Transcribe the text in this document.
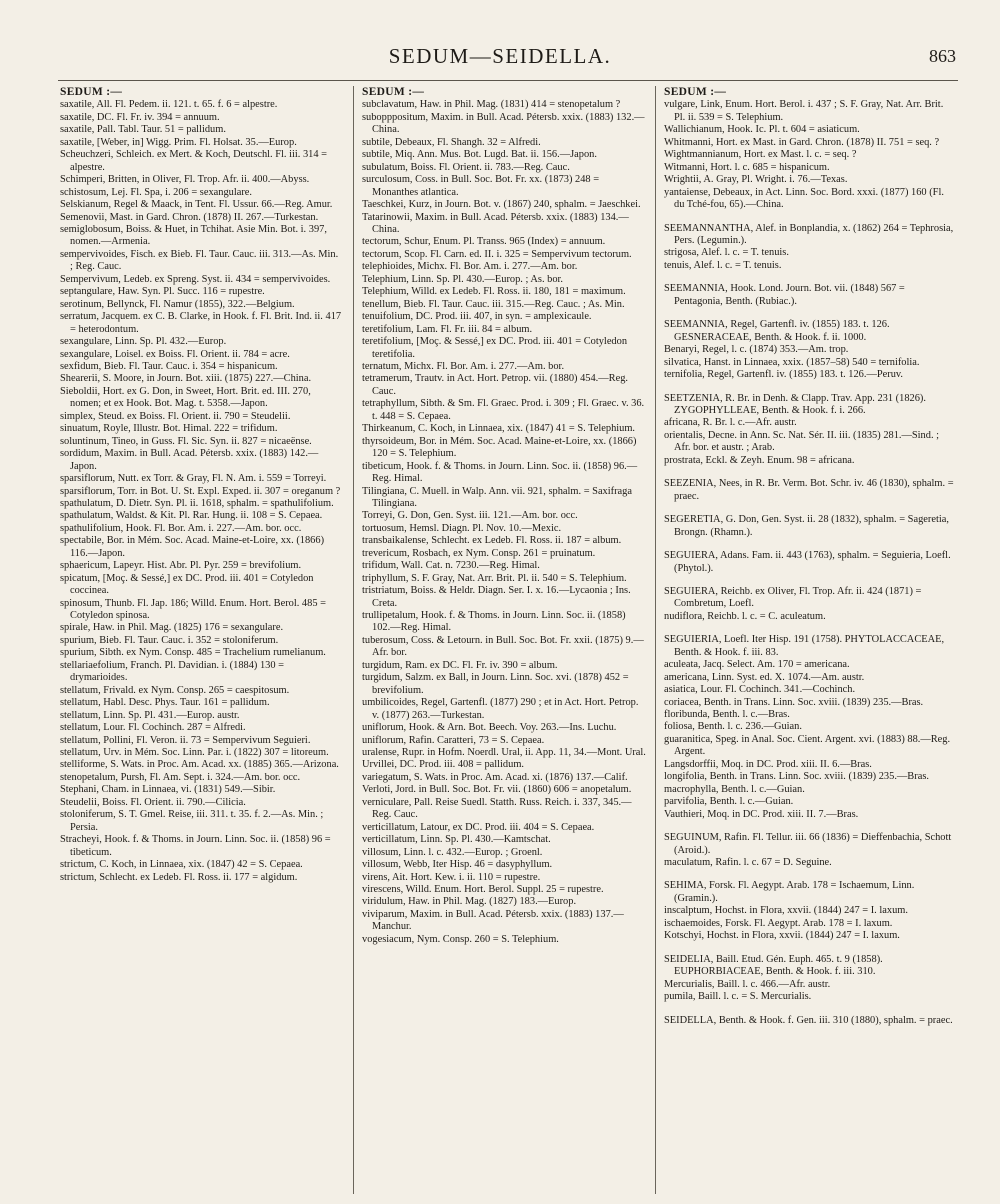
SEDUM—SEIDELLA.	863
SEDUM :—

saxatile, All. Fl. Pedem. ii. 121. t. 65. f. 6 = alpestre.

saxatile, DC. Fl. Fr. iv. 394 = annuum.

saxatile, Pall. Tabl. Taur. 51 = pallidum.

saxatile, [Weber, in] Wigg. Prim. Fl. Holsat. 35.—Europ.

Scheuchzeri, Schleich. ex Mert. & Koch, Deutschl. Fl. iii. 314 = alpestre.

Schimperi, Britten, in Oliver, Fl. Trop. Afr. ii. 400.—Abyss.

schistosum, Lej. Fl. Spa, i. 206 = sexangulare.

Selskianum, Regel & Maack, in Tent. Fl. Ussur. 66.—Reg. Amur.

Semenovii, Mast. in Gard. Chron. (1878) II. 267.—Turkestan.

semiglobosum, Boiss. & Huet, in Tchihat. Asie Min. Bot. i. 397, nomen.—Armenia.

sempervivoides, Fisch. ex Bieb. Fl. Taur. Cauc. iii. 313.—As. Min. ; Reg. Cauc.

Sempervivum, Ledeb. ex Spreng. Syst. ii. 434 = sempervivoides.

septangulare, Haw. Syn. Pl. Succ. 116 = rupestre.

serotinum, Bellynck, Fl. Namur (1855), 322.—Belgium.

serratum, Jacquem. ex C. B. Clarke, in Hook. f. Fl. Brit. Ind. ii. 417 = heterodontum.

sexangulare, Linn. Sp. Pl. 432.—Europ.

sexangulare, Loisel. ex Boiss. Fl. Orient. ii. 784 = acre.

sexfidum, Bieb. Fl. Taur. Cauc. i. 354 = hispanicum.

Shearerii, S. Moore, in Journ. Bot. xiii. (1875) 227.—China.

Sieboldii, Hort. ex G. Don, in Sweet, Hort. Brit. ed. III. 270, nomen; et ex Hook. Bot. Mag. t. 5358.—Japon.

simplex, Steud. ex Boiss. Fl. Orient. ii. 790 = Steudelii.

sinuatum, Royle, Illustr. Bot. Himal. 222 = trifidum.

soluntinum, Tineo, in Guss. Fl. Sic. Syn. ii. 827 = nicaeënse.

sordidum, Maxim. in Bull. Acad. Pétersb. xxix. (1883) 142.—Japon.

sparsiflorum, Nutt. ex Torr. & Gray, Fl. N. Am. i. 559 = Torreyi.

sparsiflorum, Torr. in Bot. U. St. Expl. Exped. ii. 307 = oreganum ?

spathulatum, D. Dietr. Syn. Pl. ii. 1618, sphalm. = spathulifolium.

spathulatum, Waldst. & Kit. Pl. Rar. Hung. ii. 108 = S. Cepaea.

spathulifolium, Hook. Fl. Bor. Am. i. 227.—Am. bor. occ.

spectabile, Bor. in Mém. Soc. Acad. Maine-et-Loire, xx. (1866) 116.—Japon.

sphaericum, Lapeyr. Hist. Abr. Pl. Pyr. 259 = brevifolium.

spicatum, [Moç. & Sessé,] ex DC. Prod. iii. 401 = Cotyledon coccinea.

spinosum, Thunb. Fl. Jap. 186; Willd. Enum. Hort. Berol. 485 = Cotyledon spinosa.

spirale, Haw. in Phil. Mag. (1825) 176 = sexangulare.

spurium, Bieb. Fl. Taur. Cauc. i. 352 = stoloniferum.

spurium, Sibth. ex Nym. Consp. 485 = Trachelium rumelianum.

stellariaefolium, Franch. Pl. Davidian. i. (1884) 130 = drymarioides.

stellatum, Frivald. ex Nym. Consp. 265 = caespitosum.

stellatum, Habl. Desc. Phys. Taur. 161 = pallidum.

stellatum, Linn. Sp. Pl. 431.—Europ. austr.

stellatum, Lour. Fl. Cochinch. 287 = Alfredi.

stellatum, Pollini, Fl. Veron. ii. 73 = Sempervivum Seguieri.

stellatum, Urv. in Mém. Soc. Linn. Par. i. (1822) 307 = litoreum.

stelliforme, S. Wats. in Proc. Am. Acad. xx. (1885) 365.—Arizona.

stenopetalum, Pursh, Fl. Am. Sept. i. 324.—Am. bor. occ.

Stephani, Cham. in Linnaea, vi. (1831) 549.—Sibir.

Steudelii, Boiss. Fl. Orient. ii. 790.—Cilicia.

stoloniferum, S. T. Gmel. Reise, iii. 311. t. 35. f. 2.—As. Min. ; Persia.

Stracheyi, Hook. f. & Thoms. in Journ. Linn. Soc. ii. (1858) 96 = tibeticum.

strictum, C. Koch, in Linnaea, xix. (1847) 42 = S. Cepaea.

strictum, Schlecht. ex Ledeb. Fl. Ross. ii. 177 = algidum.

SEDUM :—

subclavatum, Haw. in Phil. Mag. (1831) 414 = stenopetalum ?

subopppositum, Maxim. in Bull. Acad. Pétersb. xxix. (1883) 132.—China.

subtile, Debeaux, Fl. Shangh. 32 = Alfredi.

subtile, Miq. Ann. Mus. Bot. Lugd. Bat. ii. 156.—Japon.

subulatum, Boiss. Fl. Orient. ii. 783.—Reg. Cauc.

surculosum, Coss. in Bull. Soc. Bot. Fr. xx. (1873) 248 = Monanthes atlantica.

Taeschkei, Kurz, in Journ. Bot. v. (1867) 240, sphalm. = Jaeschkei.

Tatarinowii, Maxim. in Bull. Acad. Pétersb. xxix. (1883) 134.—China.

tectorum, Schur, Enum. Pl. Transs. 965 (Index) = annuum.

tectorum, Scop. Fl. Carn. ed. II. i. 325 = Sempervivum tectorum.

telephioides, Michx. Fl. Bor. Am. i. 277.—Am. bor.

Telephium, Linn. Sp. Pl. 430.—Europ. ; As. bor.

Telephium, Willd. ex Ledeb. Fl. Ross. ii. 180, 181 = maximum.

tenellum, Bieb. Fl. Taur. Cauc. iii. 315.—Reg. Cauc. ; As. Min.

tenuifolium, DC. Prod. iii. 407, in syn. = amplexicaule.

teretifolium, Lam. Fl. Fr. iii. 84 = album.

teretifolium, [Moç. & Sessé,] ex DC. Prod. iii. 401 = Cotyledon teretifolia.

ternatum, Michx. Fl. Bor. Am. i. 277.—Am. bor.

tetramerum, Trautv. in Act. Hort. Petrop. vii. (1880) 454.—Reg. Cauc.

tetraphyllum, Sibth. & Sm. Fl. Graec. Prod. i. 309 ; Fl. Graec. v. 36. t. 448 = S. Cepaea.

Thirkeanum, C. Koch, in Linnaea, xix. (1847) 41 = S. Telephium.

thyrsoideum, Bor. in Mém. Soc. Acad. Maine-et-Loire, xx. (1866) 120 = S. Telephium.

tibeticum, Hook. f. & Thoms. in Journ. Linn. Soc. ii. (1858) 96.—Reg. Himal.

Tilingiana, C. Muell. in Walp. Ann. vii. 921, sphalm. = Saxifraga Tilingiana.

Torreyi, G. Don, Gen. Syst. iii. 121.—Am. bor. occ.

tortuosum, Hemsl. Diagn. Pl. Nov. 10.—Mexic.

transbaikalense, Schlecht. ex Ledeb. Fl. Ross. ii. 187 = album.

trevericum, Rosbach, ex Nym. Consp. 261 = pruinatum.

trifidum, Wall. Cat. n. 7230.—Reg. Himal.

triphyllum, S. F. Gray, Nat. Arr. Brit. Pl. ii. 540 = S. Telephium.

tristriatum, Boiss. & Heldr. Diagn. Ser. I. x. 16.—Lycaonia ; Ins. Creta.

trullipetalum, Hook. f. & Thoms. in Journ. Linn. Soc. ii. (1858) 102.—Reg. Himal.

tuberosum, Coss. & Letourn. in Bull. Soc. Bot. Fr. xxii. (1875) 9.—Afr. bor.

turgidum, Ram. ex DC. Fl. Fr. iv. 390 = album.

turgidum, Salzm. ex Ball, in Journ. Linn. Soc. xvi. (1878) 452 = brevifolium.

umbilicoides, Regel, Gartenfl. (1877) 290 ; et in Act. Hort. Petrop. v. (1877) 263.—Turkestan.

uniflorum, Hook. & Arn. Bot. Beech. Voy. 263.—Ins. Luchu.

uniflorum, Rafin. Caratteri, 73 = S. Cepaea.

uralense, Rupr. in Hofm. Noerdl. Ural, ii. App. 11, 34.—Mont. Ural.

Urvillei, DC. Prod. iii. 408 = pallidum.

variegatum, S. Wats. in Proc. Am. Acad. xi. (1876) 137.—Calif.

Verloti, Jord. in Bull. Soc. Bot. Fr. vii. (1860) 606 = anopetalum.

verniculare, Pall. Reise Suedl. Statth. Russ. Reich. i. 337, 345.—Reg. Cauc.

verticillatum, Latour, ex DC. Prod. iii. 404 = S. Cepaea.

verticillatum, Linn. Sp. Pl. 430.—Kamtschat.

villosum, Linn. l. c. 432.—Europ. ; Groenl.

villosum, Webb, Iter Hisp. 46 = dasyphyllum.

virens, Ait. Hort. Kew. i. ii. 110 = rupestre.

virescens, Willd. Enum. Hort. Berol. Suppl. 25 = rupestre.

viridulum, Haw. in Phil. Mag. (1827) 183.—Europ.

viviparum, Maxim. in Bull. Acad. Pétersb. xxix. (1883) 137.—Manchur.

vogesiacum, Nym. Consp. 260 = S. Telephium.

SEDUM :—

vulgare, Link, Enum. Hort. Berol. i. 437 ; S. F. Gray, Nat. Arr. Brit. Pl. ii. 539 = S. Telephium.

Wallichianum, Hook. Ic. Pl. t. 604 = asiaticum.

Whitmanni, Hort. ex Mast. in Gard. Chron. (1878) II. 751 = seq. ?

Wightmannianum, Hort. ex Mast. l. c. = seq. ?

Witmanni, Hort. l. c. 685 = hispanicum.

Wrightii, A. Gray, Pl. Wright. i. 76.—Texas.

yantaiense, Debeaux, in Act. Linn. Soc. Bord. xxxi. (1877) 160 (Fl. du Tché-fou, 65).—China.

SEEMANNANTHA, Alef. in Bonplandia, x. (1862) 264 = Tephrosia, Pers. (Legumin.).

strigosa, Alef. l. c. = T. tenuis.

tenuis, Alef. l. c. = T. tenuis.

SEEMANNIA, Hook. Lond. Journ. Bot. vii. (1848) 567 = Pentagonia, Benth. (Rubiac.).

SEEMANNIA, Regel, Gartenfl. iv. (1855) 183. t. 126. GESNERACEAE, Benth. & Hook. f. ii. 1000.

Benaryi, Regel, l. c. (1874) 353.—Am. trop.

silvatica, Hanst. in Linnaea, xxix. (1857–58) 540 = ternifolia.

ternifolia, Regel, Gartenfl. iv. (1855) 183. t. 126.—Peruv.

SEETZENIA, R. Br. in Denh. & Clapp. Trav. App. 231 (1826). ZYGOPHYLLEAE, Benth. & Hook. f. i. 266.

africana, R. Br. l. c.—Afr. austr.

orientalis, Decne. in Ann. Sc. Nat. Sér. II. iii. (1835) 281.—Sind. ; Afr. bor. et austr. ; Arab.

prostrata, Eckl. & Zeyh. Enum. 98 = africana.

SEEZENIA, Nees, in R. Br. Verm. Bot. Schr. iv. 46 (1830), sphalm. = praec.

SEGERETIA, G. Don, Gen. Syst. ii. 28 (1832), sphalm. = Sageretia, Brongn. (Rhamn.).

SEGUIERA, Adans. Fam. ii. 443 (1763), sphalm. = Seguieria, Loefl. (Phytol.).

SEGUIERA, Reichb. ex Oliver, Fl. Trop. Afr. ii. 424 (1871) = Combretum, Loefl.

nudiflora, Reichb. l. c. = C. aculeatum.

SEGUIERIA, Loefl. Iter Hisp. 191 (1758). PHYTOLACCACEAE, Benth. & Hook. f. iii. 83.

aculeata, Jacq. Select. Am. 170 = americana.

americana, Linn. Syst. ed. X. 1074.—Am. austr.

asiatica, Lour. Fl. Cochinch. 341.—Cochinch.

coriacea, Benth. in Trans. Linn. Soc. xviii. (1839) 235.—Bras.

floribunda, Benth. l. c.—Bras.

foliosa, Benth. l. c. 236.—Guian.

guaranitica, Speg. in Anal. Soc. Cient. Argent. xvi. (1883) 88.—Reg. Argent.

Langsdorffii, Moq. in DC. Prod. xiii. II. 6.—Bras.

longifolia, Benth. in Trans. Linn. Soc. xviii. (1839) 235.—Bras.

macrophylla, Benth. l. c.—Guian.

parvifolia, Benth. l. c.—Guian.

Vauthieri, Moq. in DC. Prod. xiii. II. 7.—Bras.

SEGUINUM, Rafin. Fl. Tellur. iii. 66 (1836) = Dieffenbachia, Schott (Aroid.).

maculatum, Rafin. l. c. 67 = D. Seguine.

SEHIMA, Forsk. Fl. Aegypt. Arab. 178 = Ischaemum, Linn. (Gramin.).

inscalptum, Hochst. in Flora, xxvii. (1844) 247 = I. laxum.

ischaemoides, Forsk. Fl. Aegypt. Arab. 178 = I. laxum.

Kotschyi, Hochst. in Flora, xxvii. (1844) 247 = I. laxum.

SEIDELIA, Baill. Etud. Gén. Euph. 465. t. 9 (1858). EUPHORBIACEAE, Benth. & Hook. f. iii. 310.

Mercurialis, Baill. l. c. 466.—Afr. austr.

pumila, Baill. l. c. = S. Mercurialis.

SEIDELLA, Benth. & Hook. f. Gen. iii. 310 (1880), sphalm. = praec.
